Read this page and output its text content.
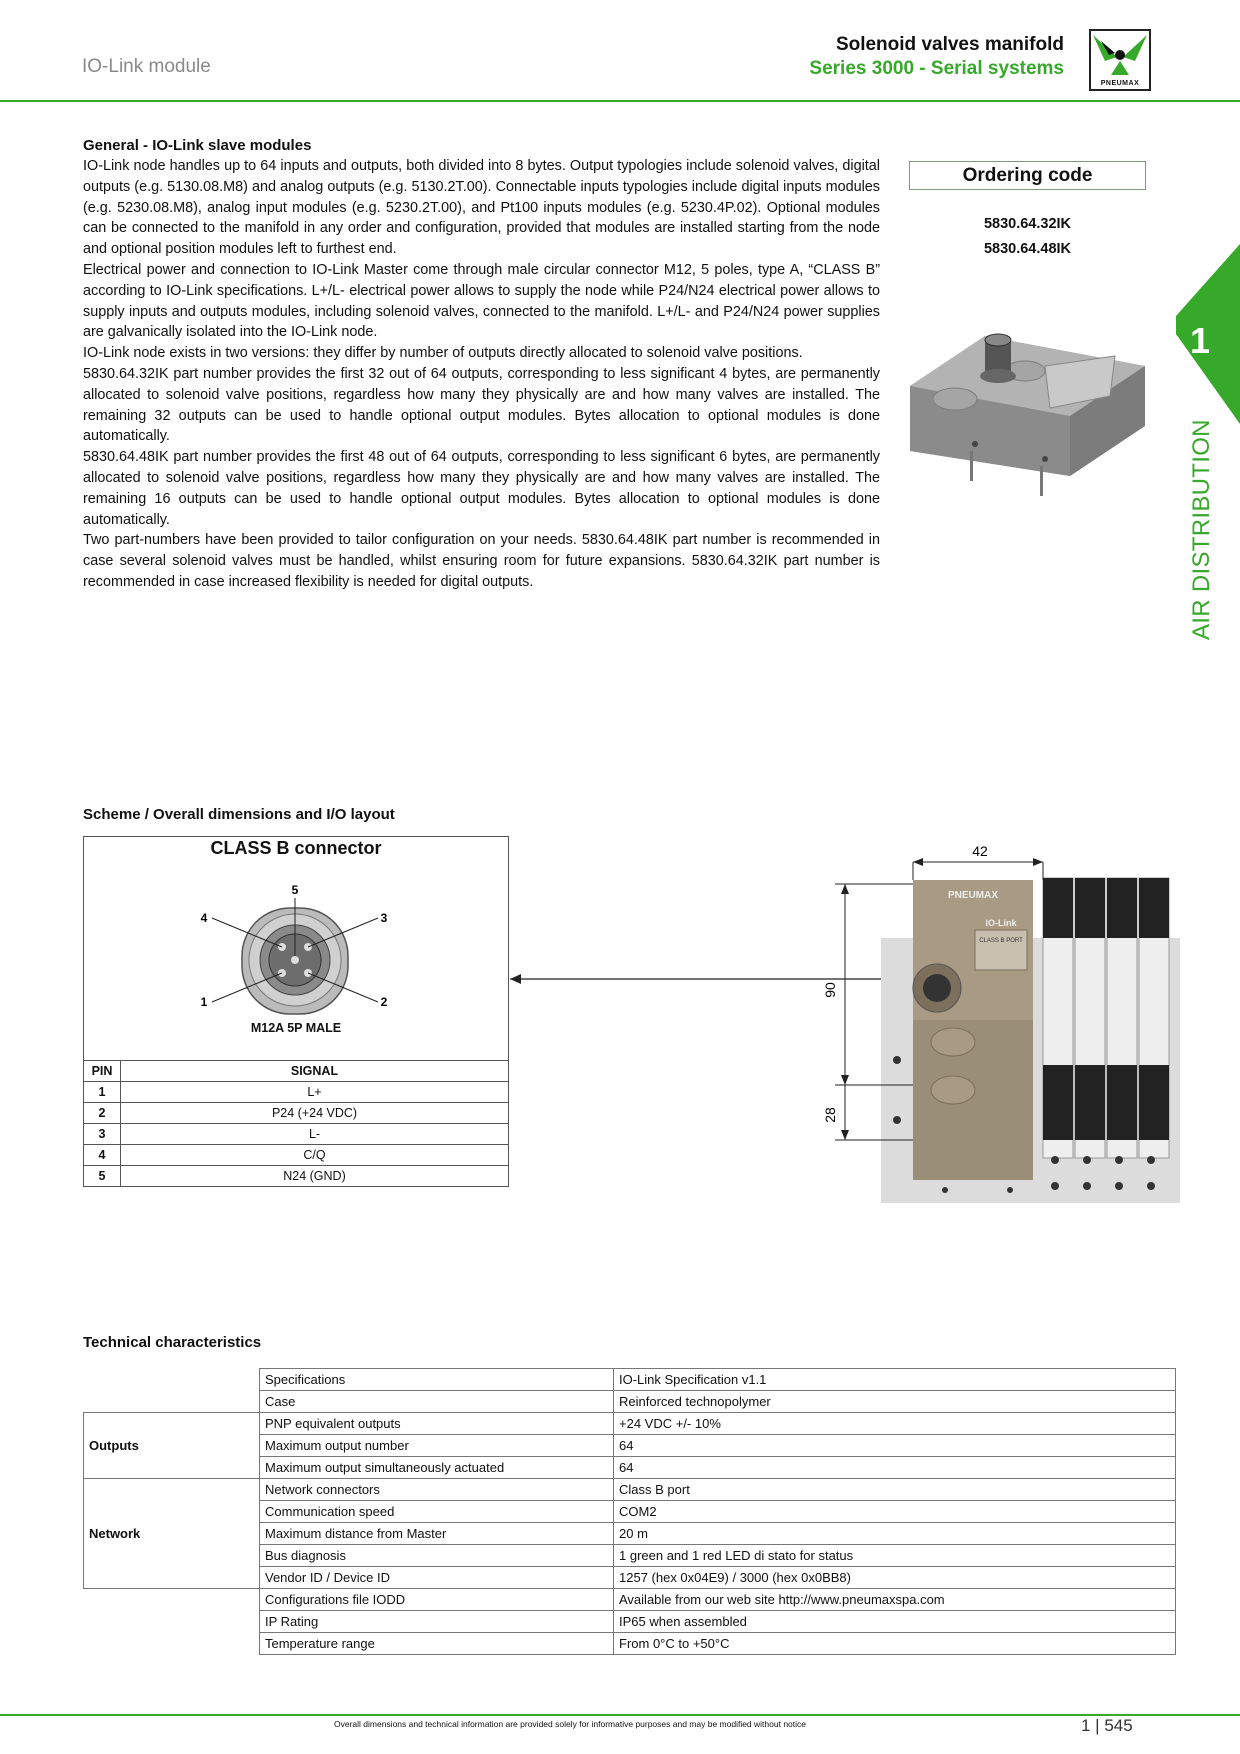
IO-Link module
Solenoid valves manifold
Series 3000 - Serial systems
PNEUMAX
General - IO-Link slave modules

IO-Link node handles up to 64 inputs and outputs, both divided into 8 bytes. Output typologies include solenoid valves, digital outputs (e.g. 5130.08.M8) and analog outputs (e.g. 5130.2T.00). Connectable inputs typologies include digital inputs modules (e.g. 5230.08.M8), analog input modules (e.g. 5230.2T.00), and Pt100 inputs modules (e.g. 5230.4P.02). Optional modules can be connected to the manifold in any order and configuration, provided that modules are installed starting from the node and optional position modules left to furthest end.

Electrical power and connection to IO-Link Master come through male circular connector M12, 5 poles, type A, “CLASS B” according to IO-Link specifications. L+/L- electrical power allows to supply the node while P24/N24 electrical power allows to supply inputs and outputs modules, including solenoid valves, connected to the manifold. L+/L- and P24/N24 power supplies are galvanically isolated into the IO-Link node.

IO-Link node exists in two versions: they differ by number of outputs directly allocated to solenoid valve positions.

5830.64.32IK part number provides the first 32 out of 64 outputs, corresponding to less significant 4 bytes, are permanently allocated to solenoid valve positions, regardless how many they physically are and how many valves are installed. The remaining 32 outputs can be used to handle optional output modules. Bytes allocation to optional modules is done automatically.

5830.64.48IK part number provides the first 48 out of 64 outputs, corresponding to less significant 6 bytes, are permanently allocated to solenoid valve positions, regardless how many they physically are and how many valves are installed. The remaining 16 outputs can be used to handle optional output modules. Bytes allocation to optional modules is done automatically.

Two part-numbers have been provided to tailor configuration on your needs. 5830.64.48IK part number is recommended in case several solenoid valves must be handled, whilst ensuring room for future expansions. 5830.64.32IK part number is recommended in case increased flexibility is needed for digital outputs.

Ordering code
5830.64.32IK
5830.64.48IK
1
AIR DISTRIBUTION
Scheme / Overall dimensions and I/O layout
CLASS B connector
5
4	3
1	2
M12A 5P MALE
PIN	SIGNAL
1	L+
2	P24 (+24 VDC)
3	L-
4	C/Q
5	N24 (GND)
PNEUMAX
IO-Link
CLASS B PORT
42
90
28
Technical characteristics
	Specifications	IO-Link Specification v1.1
	Case	Reinforced technopolymer
Outputs	PNP equivalent outputs	+24 VDC +/- 10%
	Maximum output number	64
	Maximum output simultaneously actuated	64
Network	Network connectors	Class B port
	Communication speed	COM2
	Maximum distance from Master	20 m
	Bus diagnosis	1 green and 1 red LED di stato for status
	Vendor ID / Device ID	1257 (hex 0x04E9) / 3000 (hex 0x0BB8)
	Configurations file IODD	Available from our web site http://www.pneumaxspa.com
	IP Rating	IP65 when assembled
	Temperature range	From 0°C to +50°C
Overall dimensions and technical information are provided solely for informative purposes and may be modified without notice	1 | 545
